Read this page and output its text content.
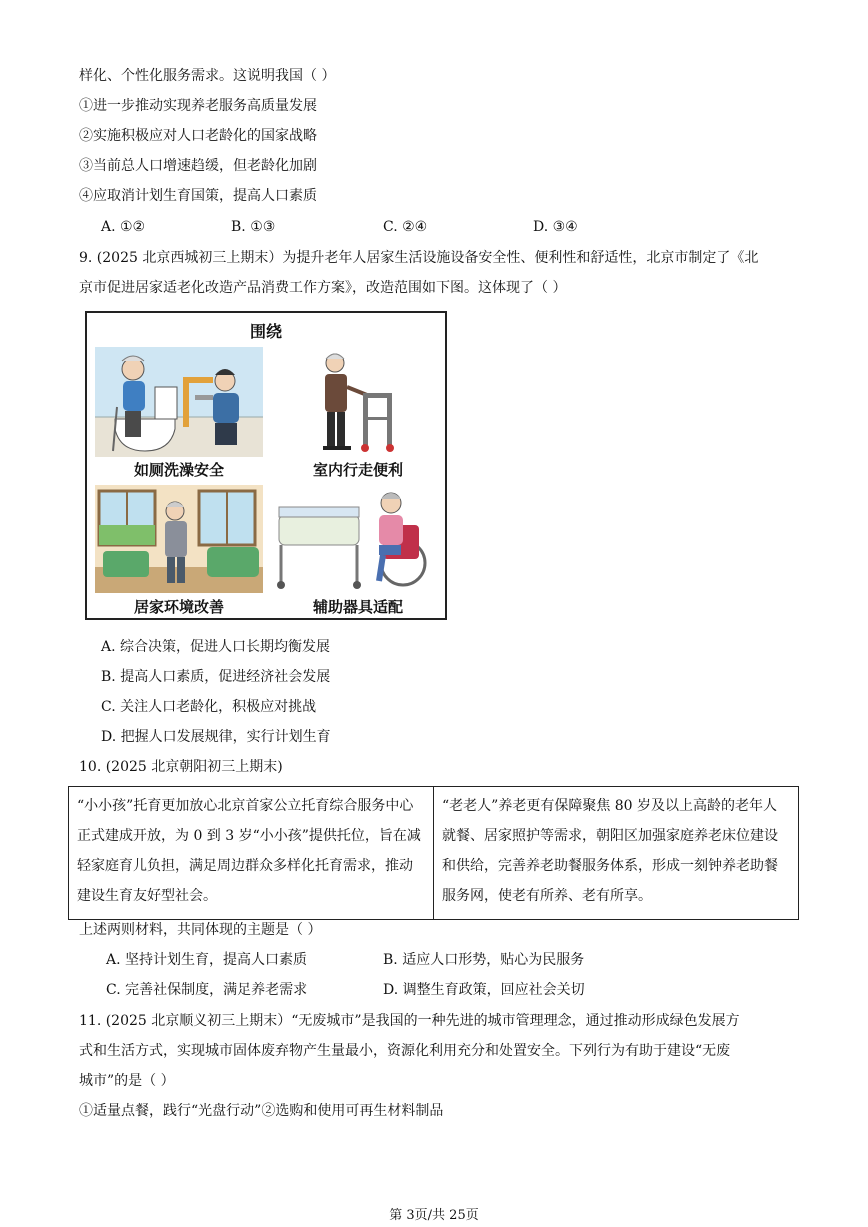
样化、个性化服务需求。这说明我国（ ）
①进一步推动实现养老服务高质量发展
②实施积极应对人口老龄化的国家战略
③当前总人口增速趋缓，但老龄化加剧
④应取消计划生育国策，提高人口素质
A. ①②	B. ①③	C. ②④	D. ③④
9. (2025 北京西城初三上期末）为提升老年人居家生活设施设备安全性、便利性和舒适性，北京市制定了《北
京市促进居家适老化改造产品消费工作方案》，改造范围如下图。这体现了（ ）
围绕
如厕洗澡安全	室内行走便利
居家环境改善	辅助器具适配
A. 综合决策，促进人口长期均衡发展
B. 提高人口素质，促进经济社会发展
C. 关注人口老龄化，积极应对挑战
D. 把握人口发展规律，实行计划生育
10. (2025 北京朝阳初三上期末)
“小小孩”托育更加放心北京首家公立托育综合服务中心正式建成开放，为 0 到 3 岁“小小孩”提供托位，旨在减轻家庭育儿负担，满足周边群众多样化托育需求，推动建设生育友好型社会。	“老老人”养老更有保障聚焦 80 岁及以上高龄的老年人就餐、居家照护等需求，朝阳区加强家庭养老床位建设和供给，完善养老助餐服务体系，形成一刻钟养老助餐服务网，使老有所养、老有所享。
上述两则材料，共同体现的主题是（ ）
A. 坚持计划生育，提高人口素质	B. 适应人口形势，贴心为民服务
C. 完善社保制度，满足养老需求	D. 调整生育政策，回应社会关切
11. (2025 北京顺义初三上期末）“无废城市”是我国的一种先进的城市管理理念，通过推动形成绿色发展方
式和生活方式，实现城市固体废弃物产生量最小，资源化利用充分和处置安全。下列行为有助于建设“无废
城市”的是（ ）
①适量点餐，践行“光盘行动”②选购和使用可再生材料制品
第 3页/共 25页
